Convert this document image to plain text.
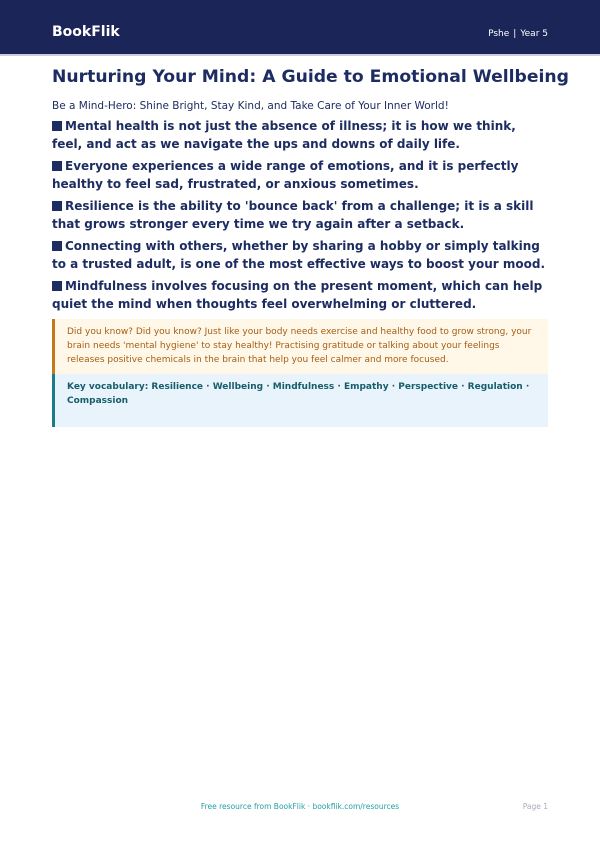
BookFlik	Pshe | Year 5
Nurturing Your Mind: A Guide to Emotional Wellbeing

Be a Mind-Hero: Shine Bright, Stay Kind, and Take Care of Your Inner World!

Mental health is not just the absence of illness; it is how we think, feel, and act as we navigate the ups and downs of daily life.
Everyone experiences a wide range of emotions, and it is perfectly healthy to feel sad, frustrated, or anxious sometimes.
Resilience is the ability to 'bounce back' from a challenge; it is a skill that grows stronger every time we try again after a setback.
Connecting with others, whether by sharing a hobby or simply talking to a trusted adult, is one of the most effective ways to boost your mood.
Mindfulness involves focusing on the present moment, which can help quiet the mind when thoughts feel overwhelming or cluttered.
Did you know? Did you know? Just like your body needs exercise and healthy food to grow strong, your brain needs 'mental hygiene' to stay healthy! Practising gratitude or talking about your feelings releases positive chemicals in the brain that help you feel calmer and more focused.
Key vocabulary: Resilience · Wellbeing · Mindfulness · Empathy · Perspective · Regulation · Compassion
Free resource from BookFlik · bookflik.com/resources	Page 1
